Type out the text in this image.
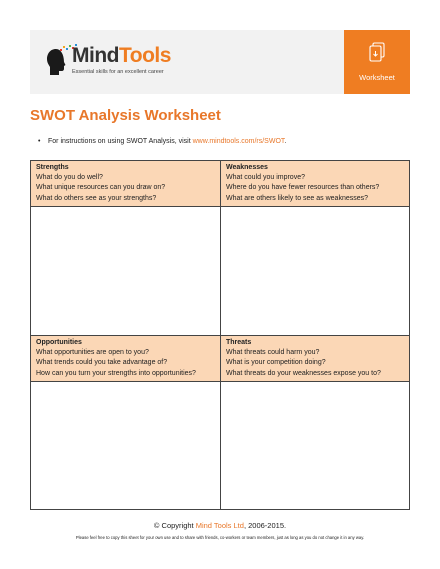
MindTools
Essential skills for an excellent career
Worksheet
SWOT Analysis Worksheet
• For instructions on using SWOT Analysis, visit www.mindtools.com/rs/SWOT.
Strengths
What do you do well?
What unique resources can you draw on?
What do others see as your strengths?
Weaknesses
What could you improve?
Where do you have fewer resources than others?
What are others likely to see as weaknesses?
Opportunities
What opportunities are open to you?
What trends could you take advantage of?
How can you turn your strengths into opportunities?
Threats
What threats could harm you?
What is your competition doing?
What threats do your weaknesses expose you to?
© Copyright Mind Tools Ltd, 2006-2015.
Please feel free to copy this sheet for your own use and to share with friends, co-workers or team members, just as long as you do not change it in any way.
